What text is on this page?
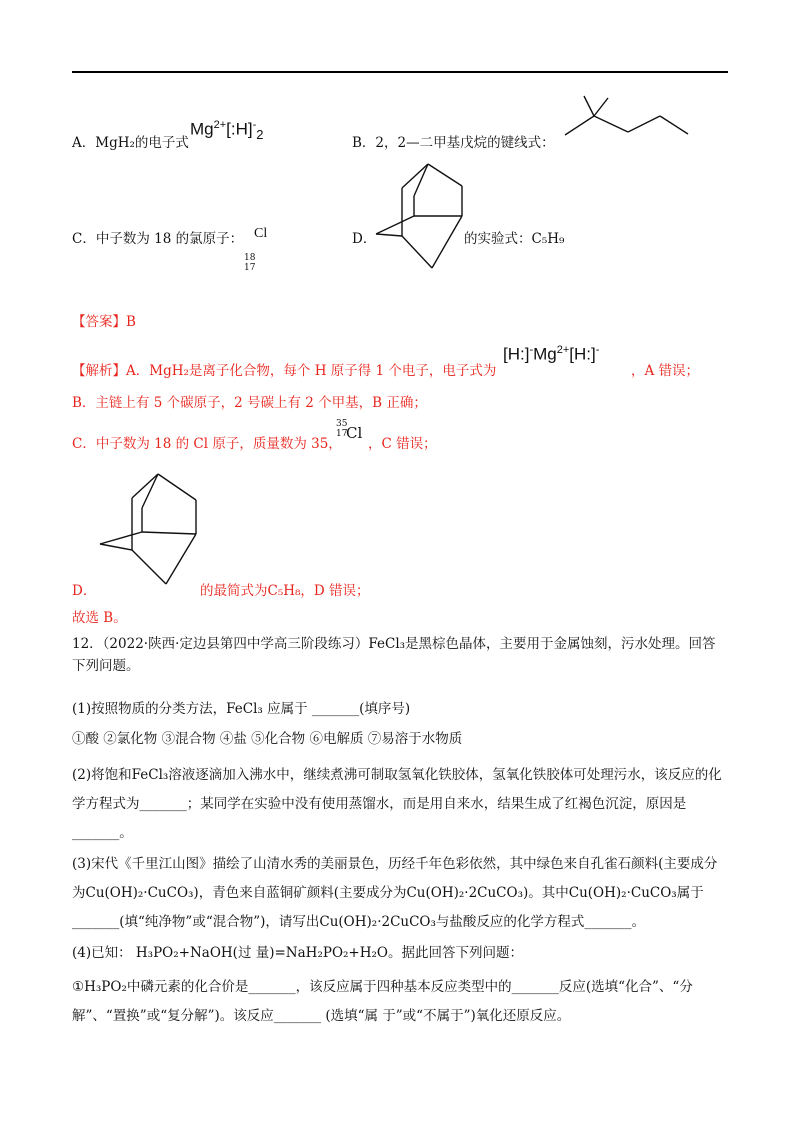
A．MgH₂的电子式
$Mg^{2+}[:H]^-_2$
B．2，2—二甲基戊烷的键线式：
C．中子数为 18 的氯原子： Cl
18
17
D．	的实验式：C₅H₉
【答案】B
【解析】A．MgH₂是离子化合物，每个 H 原子得 1 个电子，电子式为
$[H:]^-Mg^{2+}[H:]^-$
，A 错误；
B．主链上有 5 个碳原子，2 号碳上有 2 个甲基，B 正确；
C．中子数为 18 的 Cl 原子，质量数为 35，
35
17
Cl
，C 错误；
D．	的最简式为C₅H₈，D 错误；
故选 B。
12．（2022·陕西·定边县第四中学高三阶段练习）FeCl₃是黑棕色晶体，主要用于金属蚀刻，污水处理。回答下列问题。
(1)按照物质的分类方法，FeCl₃ 应属于 _______(填序号)
①酸 ②氯化物 ③混合物 ④盐 ⑤化合物 ⑥电解质 ⑦易溶于水物质
(2)将饱和FeCl₃溶液逐滴加入沸水中，继续煮沸可制取氢氧化铁胶体，氢氧化铁胶体可处理污水，该反应的化学方程式为_______；某同学在实验中没有使用蒸馏水，而是用自来水，结果生成了红褐色沉淀，原因是_______。
(3)宋代《千里江山图》描绘了山清水秀的美丽景色，历经千年色彩依然，其中绿色来自孔雀石颜料(主要成分为Cu(OH)₂·CuCO₃)，青色来自蓝铜矿颜料(主要成分为Cu(OH)₂·2CuCO₃)。其中Cu(OH)₂·CuCO₃属于_______(填“纯净物”或“混合物”)，请写出Cu(OH)₂·2CuCO₃与盐酸反应的化学方程式_______。
(4)已知： H₃PO₂+NaOH(过 量)=NaH₂PO₂+H₂O。据此回答下列问题：
①H₃PO₂中磷元素的化合价是_______，该反应属于四种基本反应类型中的_______反应(选填“化合”、“分解”、“置换”或“复分解”)。该反应_______ (选填“属 于”或“不属于”)氧化还原反应。
